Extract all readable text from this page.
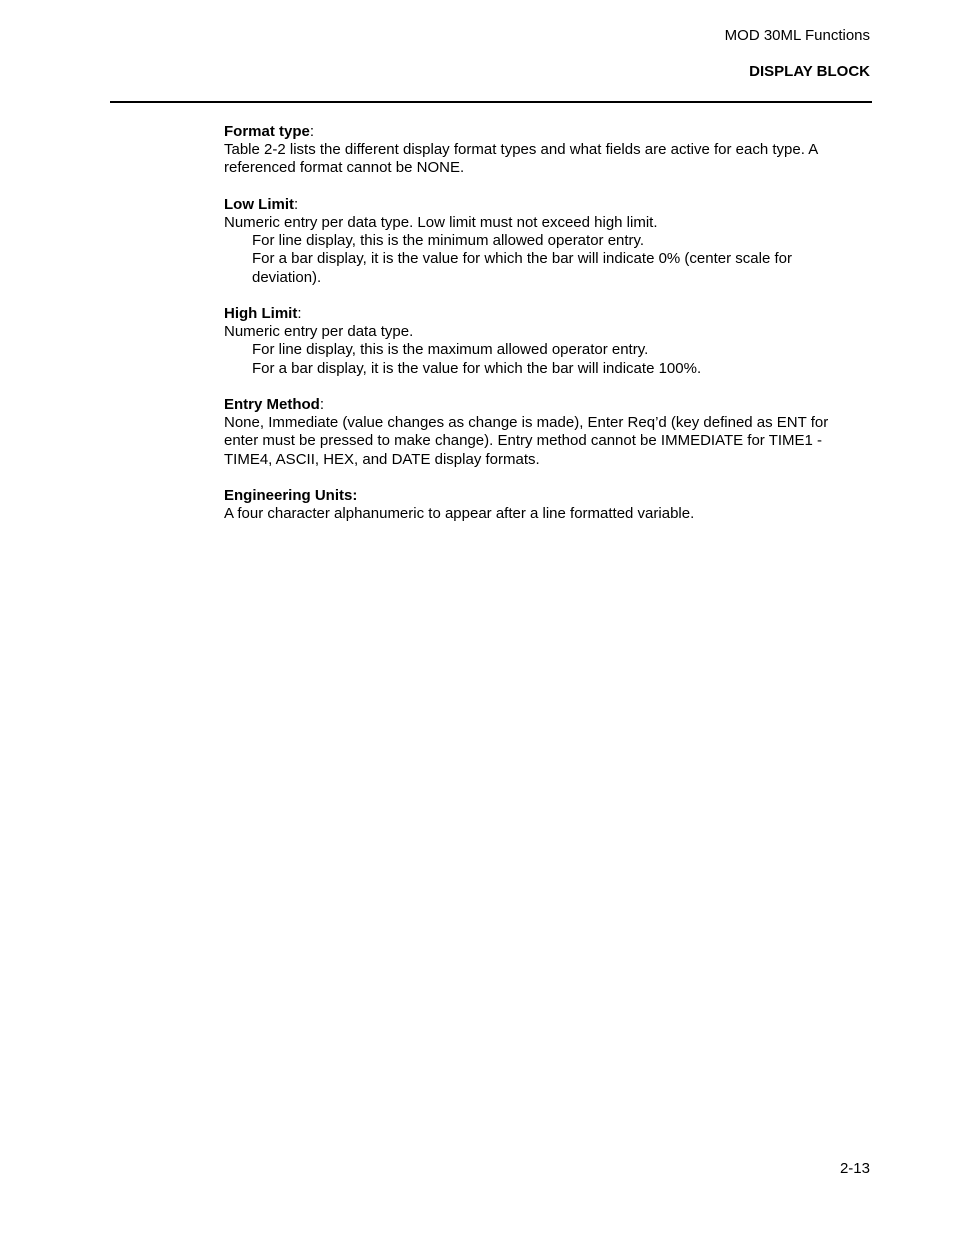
MOD 30ML Functions
DISPLAY BLOCK
Format type:
Table 2-2 lists the different display format types and what fields are active for each type. A referenced format cannot be NONE.
Low Limit:
Numeric entry per data type. Low limit must not exceed high limit.
For line display, this is the minimum allowed operator entry.
For a bar display, it is the value for which the bar will indicate 0% (center scale for deviation).
High Limit:
Numeric entry per data type.
For line display, this is the maximum allowed operator entry.
For a bar display, it is the value for which the bar will indicate 100%.
Entry Method:
None, Immediate (value changes as change is made), Enter Req’d (key defined as ENT for enter must be pressed to make change). Entry method cannot be IMMEDIATE for TIME1 - TIME4, ASCII, HEX, and DATE display formats.
Engineering Units:
A four character alphanumeric to appear after a line formatted variable.
2-13
